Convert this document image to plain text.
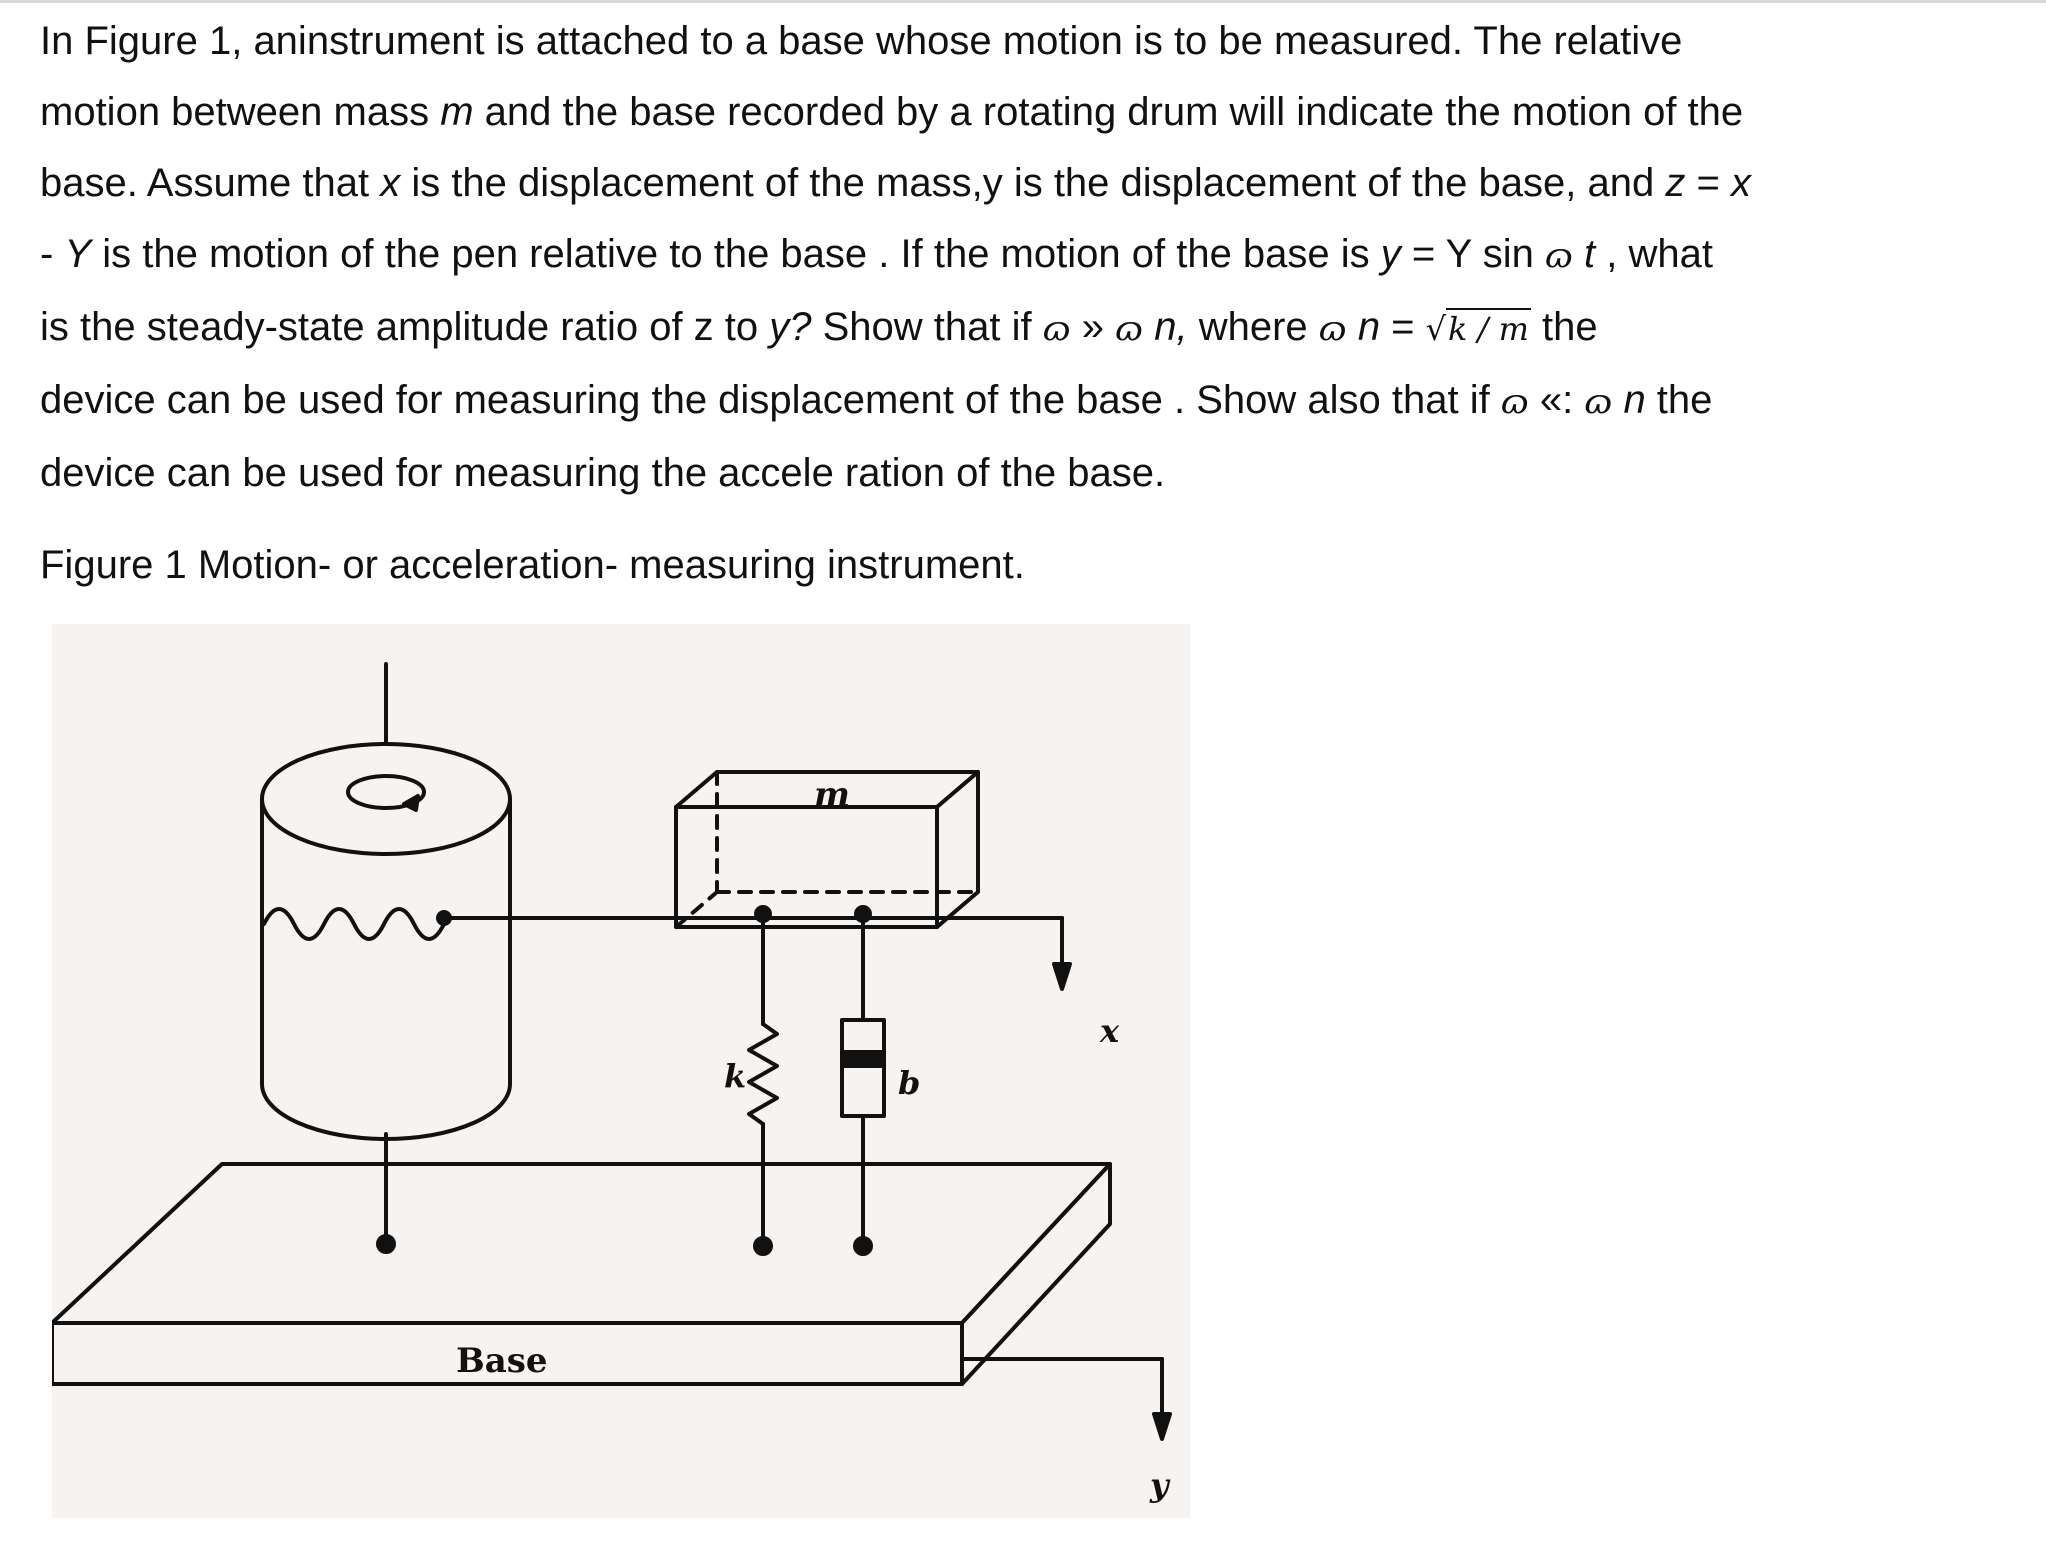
In Figure 1, aninstrument is attached to a base whose motion is to be measured. The relative
motion between mass m and the base recorded by a rotating drum will indicate the motion of the
base. Assume that x is the displacement of the mass,y is the displacement of the base, and z = x
- Y is the motion of the pen relative to the base . If the motion of the base is y = Y sin ɷ t , what
is the steady-state amplitude ratio of z to y? Show that if ɷ » ɷ n, where ɷ n = √k / m the
device can be used for measuring the displacement of the base . Show also that if ɷ «: ɷ n the
device can be used for measuring the accele ration of the base.
Figure 1 Motion- or acceleration- measuring instrument.
m
k	b
x
y
Base
